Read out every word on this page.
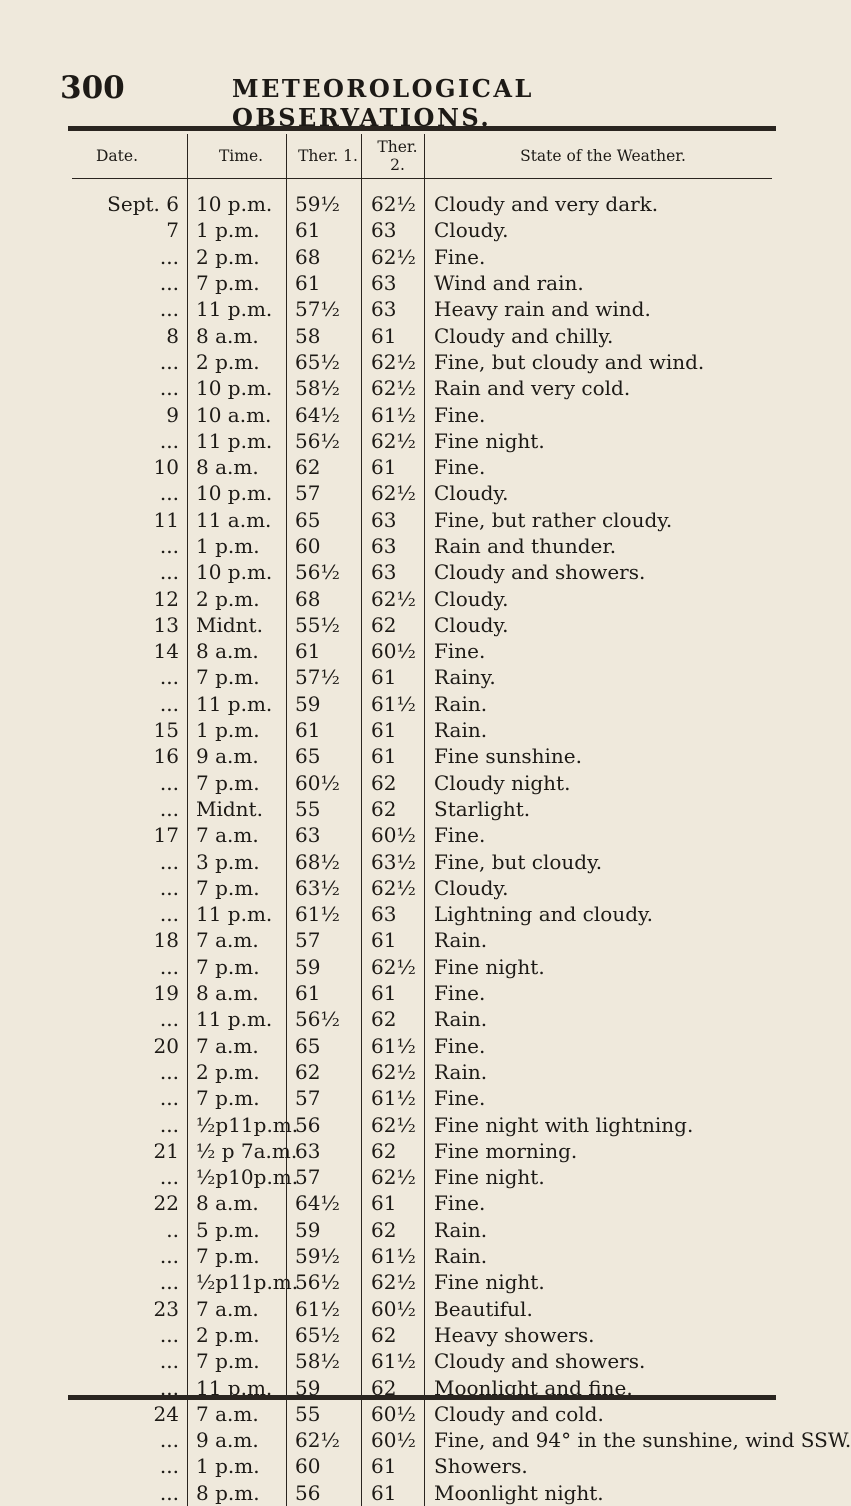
300	METEOROLOGICAL OBSERVATIONS.
Date.	Time.	Ther. 1.	Ther. 2.	State of the Weather.
Sept. 6	10 p.m.	59½	62½	Cloudy and very dark.
7	1 p.m.	61	63	Cloudy.
...	2 p.m.	68	62½	Fine.
...	7 p.m.	61	63	Wind and rain.
...	11 p.m.	57½	63	Heavy rain and wind.
8	8 a.m.	58	61	Cloudy and chilly.
...	2 p.m.	65½	62½	Fine, but cloudy and wind.
...	10 p.m.	58½	62½	Rain and very cold.
9	10 a.m.	64½	61½	Fine.
...	11 p.m.	56½	62½	Fine night.
10	8 a.m.	62	61	Fine.
...	10 p.m.	57	62½	Cloudy.
11	11 a.m.	65	63	Fine, but rather cloudy.
...	1 p.m.	60	63	Rain and thunder.
...	10 p.m.	56½	63	Cloudy and showers.
12	2 p.m.	68	62½	Cloudy.
13	Midnt.	55½	62	Cloudy.
14	8 a.m.	61	60½	Fine.
...	7 p.m.	57½	61	Rainy.
...	11 p.m.	59	61½	Rain.
15	1 p.m.	61	61	Rain.
16	9 a.m.	65	61	Fine sunshine.
...	7 p.m.	60½	62	Cloudy night.
...	Midnt.	55	62	Starlight.
17	7 a.m.	63	60½	Fine.
...	3 p.m.	68½	63½	Fine, but cloudy.
...	7 p.m.	63½	62½	Cloudy.
...	11 p.m.	61½	63	Lightning and cloudy.
18	7 a.m.	57	61	Rain.
...	7 p.m.	59	62½	Fine night.
19	8 a.m.	61	61	Fine.
...	11 p.m.	56½	62	Rain.
20	7 a.m.	65	61½	Fine.
...	2 p.m.	62	62½	Rain.
...	7 p.m.	57	61½	Fine.
...	½p11p.m.	56	62½	Fine night with lightning.
21	½ p 7a.m.	63	62	Fine morning.
...	½p10p.m.	57	62½	Fine night.
22	8 a.m.	64½	61	Fine.
..	5 p.m.	59	62	Rain.
...	7 p.m.	59½	61½	Rain.
...	½p11p.m.	56½	62½	Fine night.
23	7 a.m.	61½	60½	Beautiful.
...	2 p.m.	65½	62	Heavy showers.
...	7 p.m.	58½	61½	Cloudy and showers.
...	11 p.m.	59	62	Moonlight and fine.
24	7 a.m.	55	60½	Cloudy and cold.
...	9 a.m.	62½	60½	Fine, and 94° in the sunshine, wind SSW.
...	1 p.m.	60	61	Showers.
...	8 p.m.	56	61	Moonlight night.
